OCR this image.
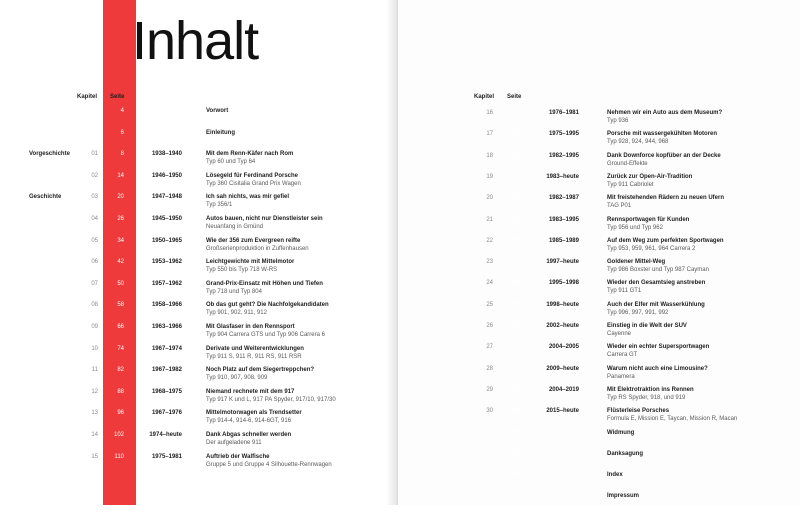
Inhalt
Kapitel Seite
4	Vorwort
6	Einleitung
Vorgeschichte	01	8	1938–1940	Mit dem Renn-Käfer nach Rom
Typ 60 und Typ 64
02	14	1946–1950	Lösegeld für Ferdinand Porsche
Typ 360 Cisitalia Grand Prix Wagen
Geschichte	03	20	1947–1948	Ich sah nichts, was mir gefiel
Typ 356/1
04	26	1945–1950	Autos bauen, nicht nur Dienstleister sein
Neuanfang in Gmünd
05	34	1950–1965	Wie der 356 zum Evergreen reifte
Großserienproduktion in Zuffenhausen
06	42	1953–1962	Leichtgewichte mit Mittelmotor
Typ 550 bis Typ 718 W-RS
07	50	1957–1962	Grand-Prix-Einsatz mit Höhen und Tiefen
Typ 718 und Typ 804
08	58	1958–1966	Ob das gut geht? Die Nachfolgekandidaten
Typ 901, 902, 911, 912
09	66	1963–1966	Mit Glasfaser in den Rennsport
Typ 904 Carrera GTS und Typ 906 Carrera 6
10	74	1967–1974	Derivate und Weiterentwicklungen
Typ 911 S, 911 R, 911 RS, 911 RSR
11	82	1967–1982	Noch Platz auf dem Siegertreppchen?
Typ 910, 907, 908, 909
12	88	1968–1975	Niemand rechnete mit dem 917
Typ 917 K und L, 917 PA Spyder, 917/10, 917/30
13	96	1967–1976	Mittelmotorwagen als Trendsetter
Typ 914-4, 914-6, 914-6GT, 916
14	102	1974–heute	Dank Abgas schneller werden
Der aufgeladene 911
15	110	1975–1981	Auftrieb der Walfische
Gruppe 5 und Gruppe 4 Silhouette-Rennwagen
Kapitel Seite
16	118	1976–1981	Nehmen wir ein Auto aus dem Museum?
Typ 936
17	126	1975–1995	Porsche mit wassergekühlten Motoren
Typ 928, 924, 944, 968
18	134	1982–1995	Dank Downforce kopfüber an der Decke
Ground-Effekte
19	144	1983–heute	Zurück zur Open-Air-Tradition
Typ 911 Cabriolet
20	150	1982–1987	Mit freistehenden Rädern zu neuen Ufern
TAG P01
21	158	1983–1995	Rennsportwagen für Kunden
Typ 956 und Typ 962
22	166	1985–1989	Auf dem Weg zum perfekten Sportwagen
Typ 953, 959, 961, 964 Carrera 2
23	176	1997–heute	Goldener Mittel-Weg
Typ 986 Boxster und Typ 987 Cayman
24	186	1995–1998	Wieder den Gesamtsieg anstreben
Typ 911 GT1
25	196	1998–heute	Auch der Elfer mit Wasserkühlung
Typ 996, 997, 991, 992
26	206	2002–heute	Einstieg in die Welt der SUV
Cayenne
27	216	2004–2005	Wieder ein echter Supersportwagen
Carrera GT
28	222	2009–heute	Warum nicht auch eine Limousine?
Panamera
29	230	2004–2019	Mit Elektrotraktion ins Rennen
Typ RS Spyder, 918, und 919
30	240	2015–heute	Flüsterleise Porsches
Formula E, Mission E, Taycan, Mission R, Macan
250	Widmung
251	Danksagung
252	Index
256	Impressum
